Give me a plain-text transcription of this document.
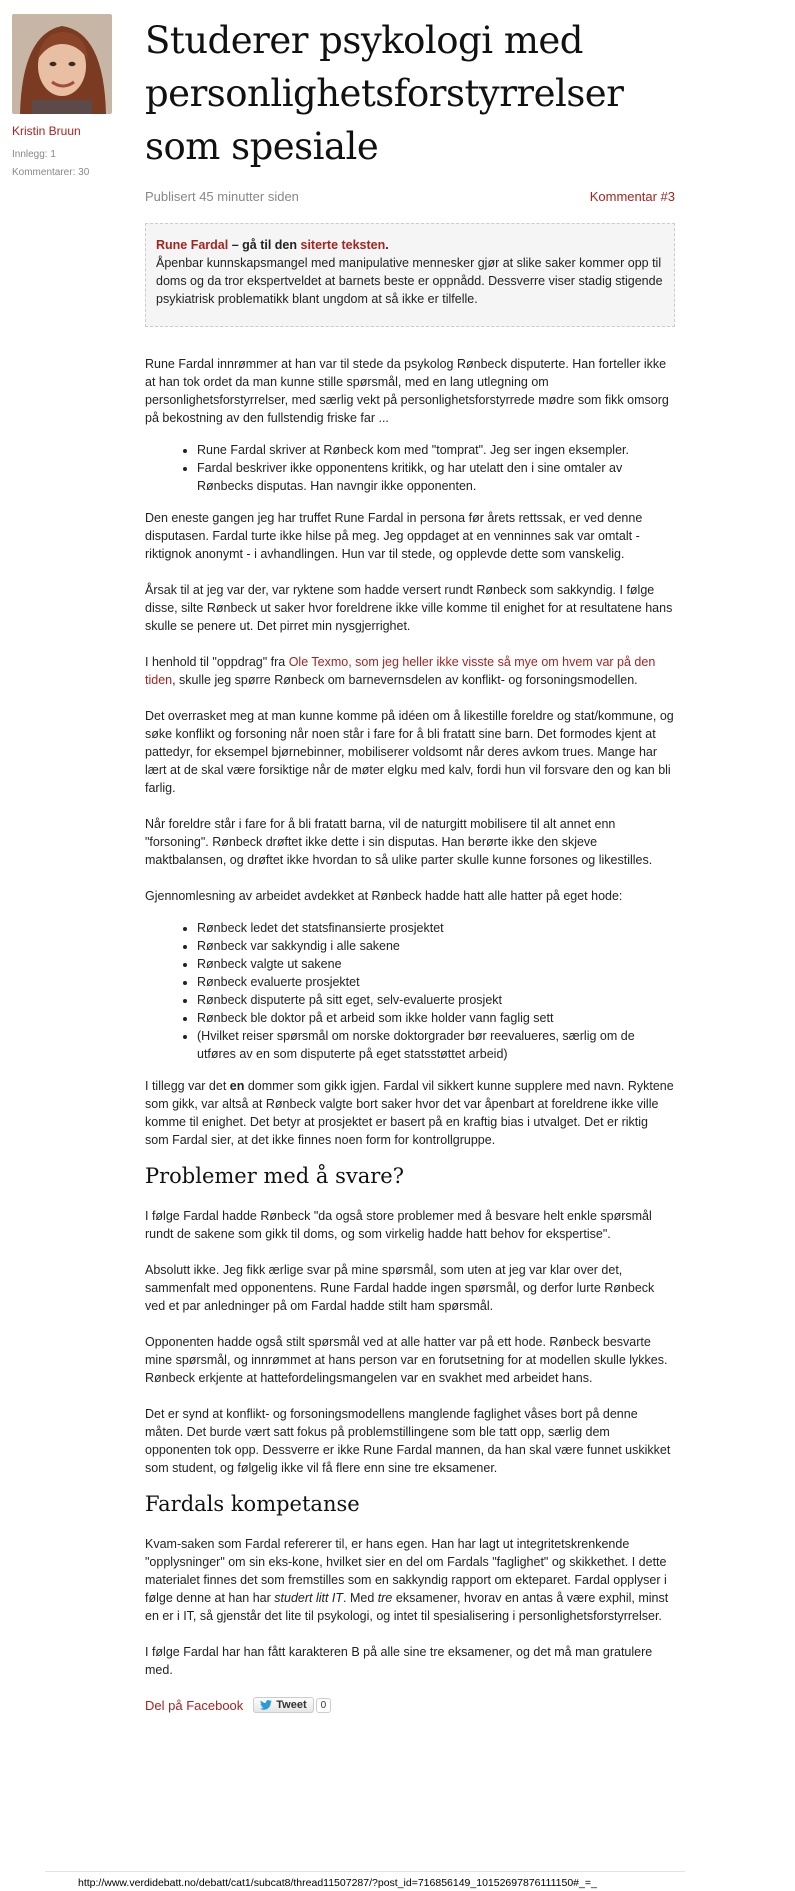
Kristin Bruun
Innlegg: 1
Kommentarer: 30
Studerer psykologi med personlighetsforstyrrelser som spesiale
Publisert 45 minutter siden	Kommentar #3
Rune Fardal – gå til den siterte teksten.
Åpenbar kunnskapsmangel med manipulative mennesker gjør at slike saker kommer opp til doms og da tror ekspertveldet at barnets beste er oppnådd. Dessverre viser stadig stigende psykiatrisk problematikk blant ungdom at så ikke er tilfelle.

Rune Fardal innrømmer at han var til stede da psykolog Rønbeck disputerte. Han forteller ikke at han tok ordet da man kunne stille spørsmål, med en lang utlegning om personlighetsforstyrrelser, med særlig vekt på personlighetsforstyrrede mødre som fikk omsorg på bekostning av den fullstendig friske far ...

• Rune Fardal skriver at Rønbeck kom med "tomprat". Jeg ser ingen eksempler.
• Fardal beskriver ikke opponentens kritikk, og har utelatt den i sine omtaler av Rønbecks disputas. Han navngir ikke opponenten.

Den eneste gangen jeg har truffet Rune Fardal in persona før årets rettssak, er ved denne disputasen. Fardal turte ikke hilse på meg. Jeg oppdaget at en venninnes sak var omtalt - riktignok anonymt - i avhandlingen. Hun var til stede, og opplevde dette som vanskelig.

Årsak til at jeg var der, var ryktene som hadde versert rundt Rønbeck som sakkyndig. I følge disse, silte Rønbeck ut saker hvor foreldrene ikke ville komme til enighet for at resultatene hans skulle se penere ut. Det pirret min nysgjerrighet.

I henhold til "oppdrag" fra Ole Texmo, som jeg heller ikke visste så mye om hvem var på den tiden, skulle jeg spørre Rønbeck om barnevernsdelen av konflikt- og forsoningsmodellen.

Det overrasket meg at man kunne komme på idéen om å likestille foreldre og stat/kommune, og søke konflikt og forsoning når noen står i fare for å bli fratatt sine barn. Det formodes kjent at pattedyr, for eksempel bjørnebinner, mobiliserer voldsomt når deres avkom trues. Mange har lært at de skal være forsiktige når de møter elgku med kalv, fordi hun vil forsvare den og kan bli farlig.

Når foreldre står i fare for å bli fratatt barna, vil de naturgitt mobilisere til alt annet enn "forsoning". Rønbeck drøftet ikke dette i sin disputas. Han berørte ikke den skjeve maktbalansen, og drøftet ikke hvordan to så ulike parter skulle kunne forsones og likestilles.

Gjennomlesning av arbeidet avdekket at Rønbeck hadde hatt alle hatter på eget hode:

• Rønbeck ledet det statsfinansierte prosjektet
• Rønbeck var sakkyndig i alle sakene
• Rønbeck valgte ut sakene
• Rønbeck evaluerte prosjektet
• Rønbeck disputerte på sitt eget, selv-evaluerte prosjekt
• Rønbeck ble doktor på et arbeid som ikke holder vann faglig sett
• (Hvilket reiser spørsmål om norske doktorgrader bør reevalueres, særlig om de utføres av en som disputerte på eget statsstøttet arbeid)

I tillegg var det en dommer som gikk igjen. Fardal vil sikkert kunne supplere med navn. Ryktene som gikk, var altså at Rønbeck valgte bort saker hvor det var åpenbart at foreldrene ikke ville komme til enighet. Det betyr at prosjektet er basert på en kraftig bias i utvalget. Det er riktig som Fardal sier, at det ikke finnes noen form for kontrollgruppe.

Problemer med å svare?

I følge Fardal hadde Rønbeck "da også store problemer med å besvare helt enkle spørsmål rundt de sakene som gikk til doms, og som virkelig hadde hatt behov for ekspertise".

Absolutt ikke. Jeg fikk ærlige svar på mine spørsmål, som uten at jeg var klar over det, sammenfalt med opponentens. Rune Fardal hadde ingen spørsmål, og derfor lurte Rønbeck ved et par anledninger på om Fardal hadde stilt ham spørsmål.

Opponenten hadde også stilt spørsmål ved at alle hatter var på ett hode. Rønbeck besvarte mine spørsmål, og innrømmet at hans person var en forutsetning for at modellen skulle lykkes. Rønbeck erkjente at hattefordelingsmangelen var en svakhet med arbeidet hans.

Det er synd at konflikt- og forsoningsmodellens manglende faglighet våses bort på denne måten. Det burde vært satt fokus på problemstillingene som ble tatt opp, særlig dem opponenten tok opp. Dessverre er ikke Rune Fardal mannen, da han skal være funnet uskikket som student, og følgelig ikke vil få flere enn sine tre eksamener.

Fardals kompetanse

Kvam-saken som Fardal refererer til, er hans egen. Han har lagt ut integritetskrenkende "opplysninger" om sin eks-kone, hvilket sier en del om Fardals "faglighet" og skikkethet. I dette materialet finnes det som fremstilles som en sakkyndig rapport om ekteparet. Fardal opplyser i følge denne at han har studert litt IT. Med tre eksamener, hvorav en antas å være exphil, minst en er i IT, så gjenstår det lite til psykologi, og intet til spesialisering i personlighetsforstyrrelser.

I følge Fardal har han fått karakteren B på alle sine tre eksamener, og det må man gratulere med.

Del på Facebook	Tweet	0
http://www.verdidebatt.no/debatt/cat1/subcat8/thread11507287/?post_id=716856149_10152697876111150#_=_
